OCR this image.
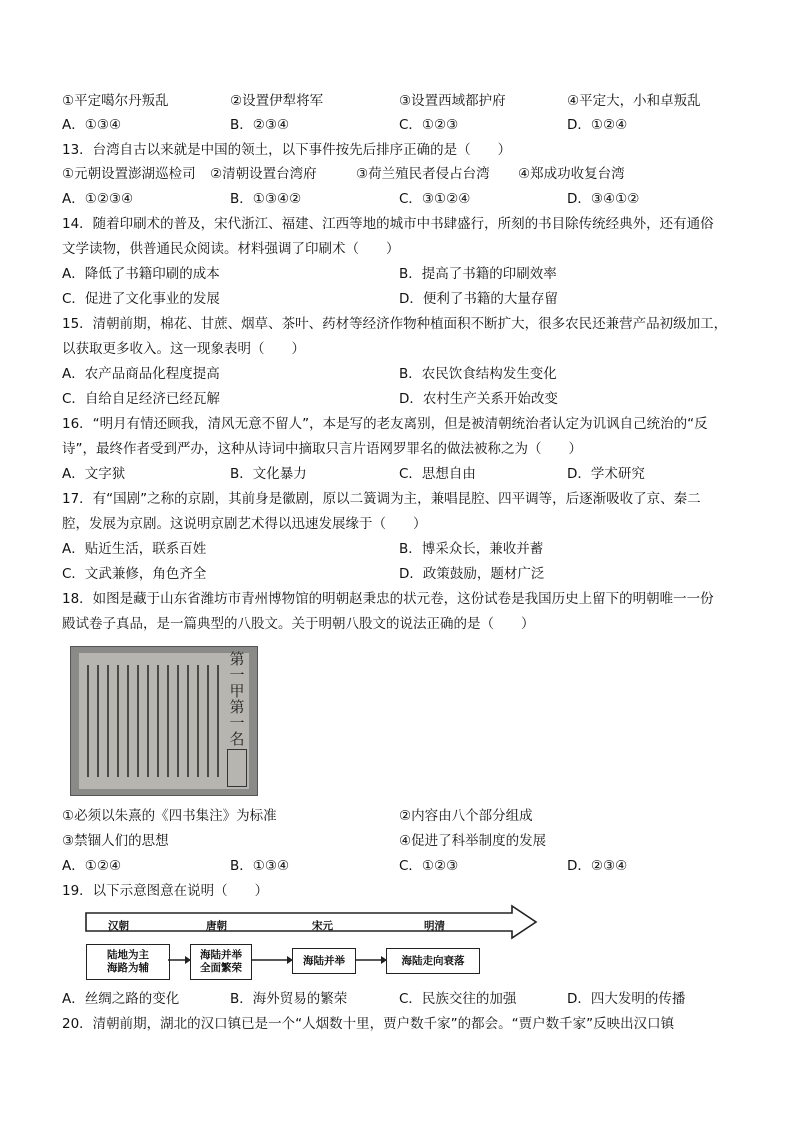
①平定噶尔丹叛乱	②设置伊犁将军	③设置西域都护府	④平定大，小和卓叛乱
A．①③④	B．②③④	C．①②③	D．①②④
13．台湾自古以来就是中国的领土，以下事件按先后排序正确的是（　　）
①元朝设置澎湖巡检司 ②清朝设置台湾府	③荷兰殖民者侵占台湾 ④郑成功收复台湾
A．①②③④	B．①③④②	C．③①②④	D．③④①②
14．随着印刷术的普及，宋代浙江、福建、江西等地的城市中书肆盛行，所刻的书目除传统经典外，还有通俗
文学读物，供普通民众阅读。材料强调了印刷术（　　）
A．降低了书籍印刷的成本	B．提高了书籍的印刷效率
C．促进了文化事业的发展	D．便利了书籍的大量存留
15．清朝前期，棉花、甘蔗、烟草、茶叶、药材等经济作物种植面积不断扩大，很多农民还兼营产品初级加工，
以获取更多收入。这一现象表明（　　）
A．农产品商品化程度提高	B．农民饮食结构发生变化
C．自给自足经济已经瓦解	D．农村生产关系开始改变
16．“明月有情还顾我，清风无意不留人”，本是写的老友离别，但是被清朝统治者认定为讥讽自己统治的“反
诗”，最终作者受到严办，这种从诗词中摘取只言片语网罗罪名的做法被称之为（　　）
A．文字狱	B．文化暴力	C．思想自由	D．学术研究
17．有“国剧”之称的京剧，其前身是徽剧，原以二簧调为主，兼唱昆腔、四平调等，后逐渐吸收了京、秦二
腔，发展为京剧。这说明京剧艺术得以迅速发展缘于（　　）
A．贴近生活，联系百姓	B．博采众长，兼收并蓄
C．文武兼修，角色齐全	D．政策鼓励，题材广泛
18．如图是藏于山东省潍坊市青州博物馆的明朝赵秉忠的状元卷，这份试卷是我国历史上留下的明朝唯一一份
殿试卷子真品，是一篇典型的八股文。关于明朝八股文的说法正确的是（　　）
第一甲第一名
①必须以朱熹的《四书集注》为标准	②内容由八个部分组成
③禁锢人们的思想	④促进了科举制度的发展
A．①②④	B．①③④	C．①②③	D．②③④
19．以下示意图意在说明（　　）
汉朝	唐朝	宋元	明清
陆地为主
海路为辅
海陆并举
全面繁荣
海陆并举	海陆走向衰落
A．丝绸之路的变化	B．海外贸易的繁荣	C．民族交往的加强	D．四大发明的传播
20．清朝前期，湖北的汉口镇已是一个“人烟数十里，贾户数千家”的都会。“贾户数千家”反映出汉口镇
